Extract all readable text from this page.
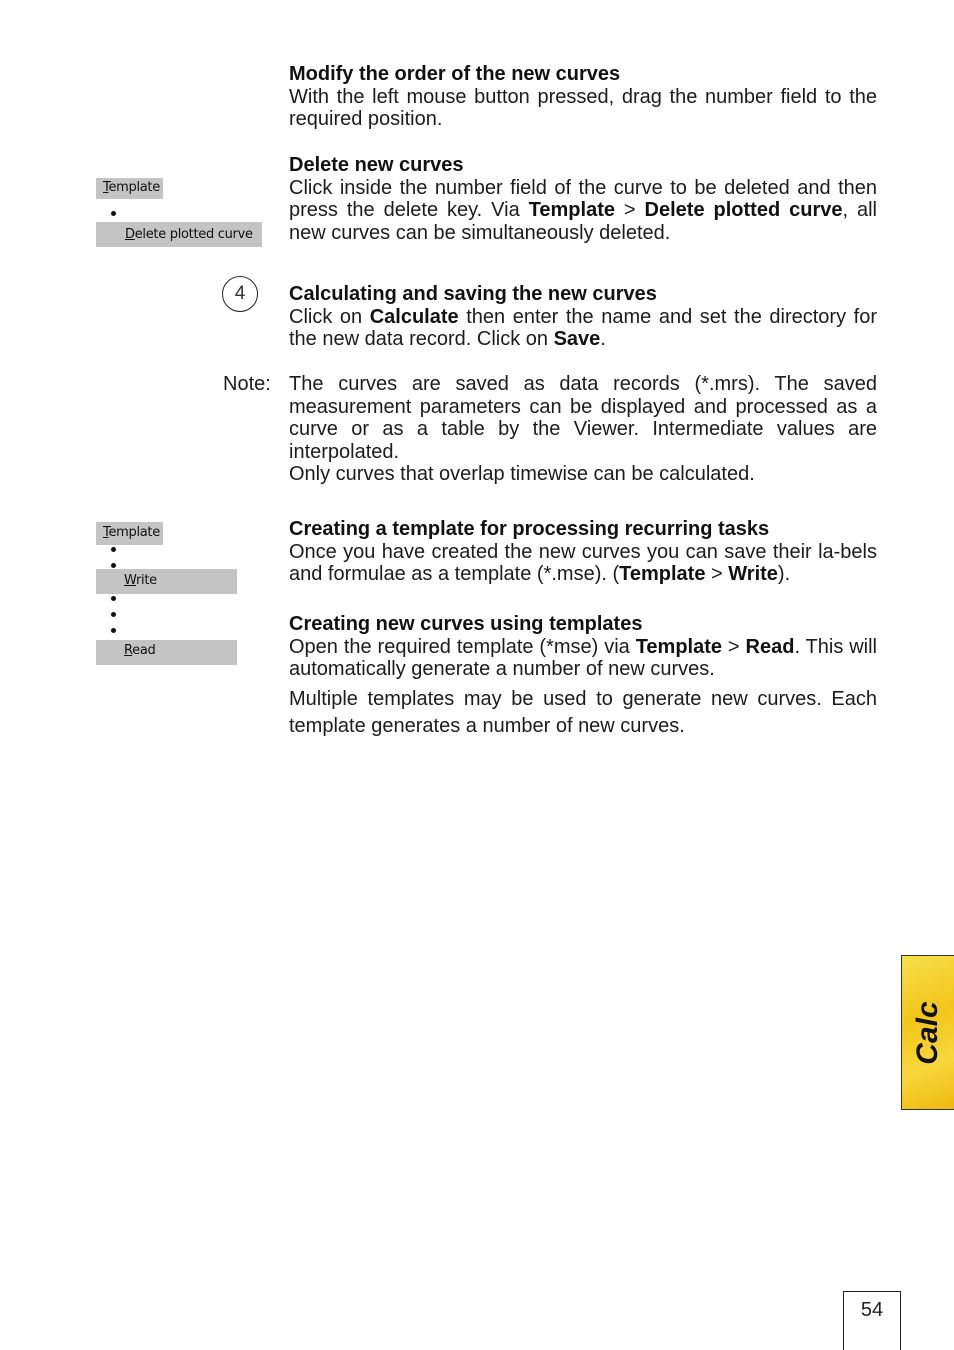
Template
Delete plotted curve
Template
Write
Read
Modify the order of the new curves

With the left mouse button pressed, drag the number field to the required position.

Delete new curves

Click inside the number field of the curve to be deleted and then press the delete key. Via Template > Delete plotted curve, all new curves can be simultaneously deleted.

4	Calculating and saving the new curves

Click on Calculate then enter the name and set the directory for the new data record. Click on Save.

Note: The curves are saved as data records (*.mrs). The saved measurement parameters can be displayed and processed as a curve or as a table by the Viewer. Intermediate values are interpolated.

Only curves that overlap timewise can be calculated.

Creating a template for processing recurring tasks

Once you have created the new curves you can save their la-bels and formulae as a template (*.mse). (Template > Write).

Creating new curves using templates

Open the required template (*mse) via Template > Read. This will automatically generate a number of new curves.

Multiple templates may be used to generate new curves. Each template generates a number of new curves.

Calc
54
